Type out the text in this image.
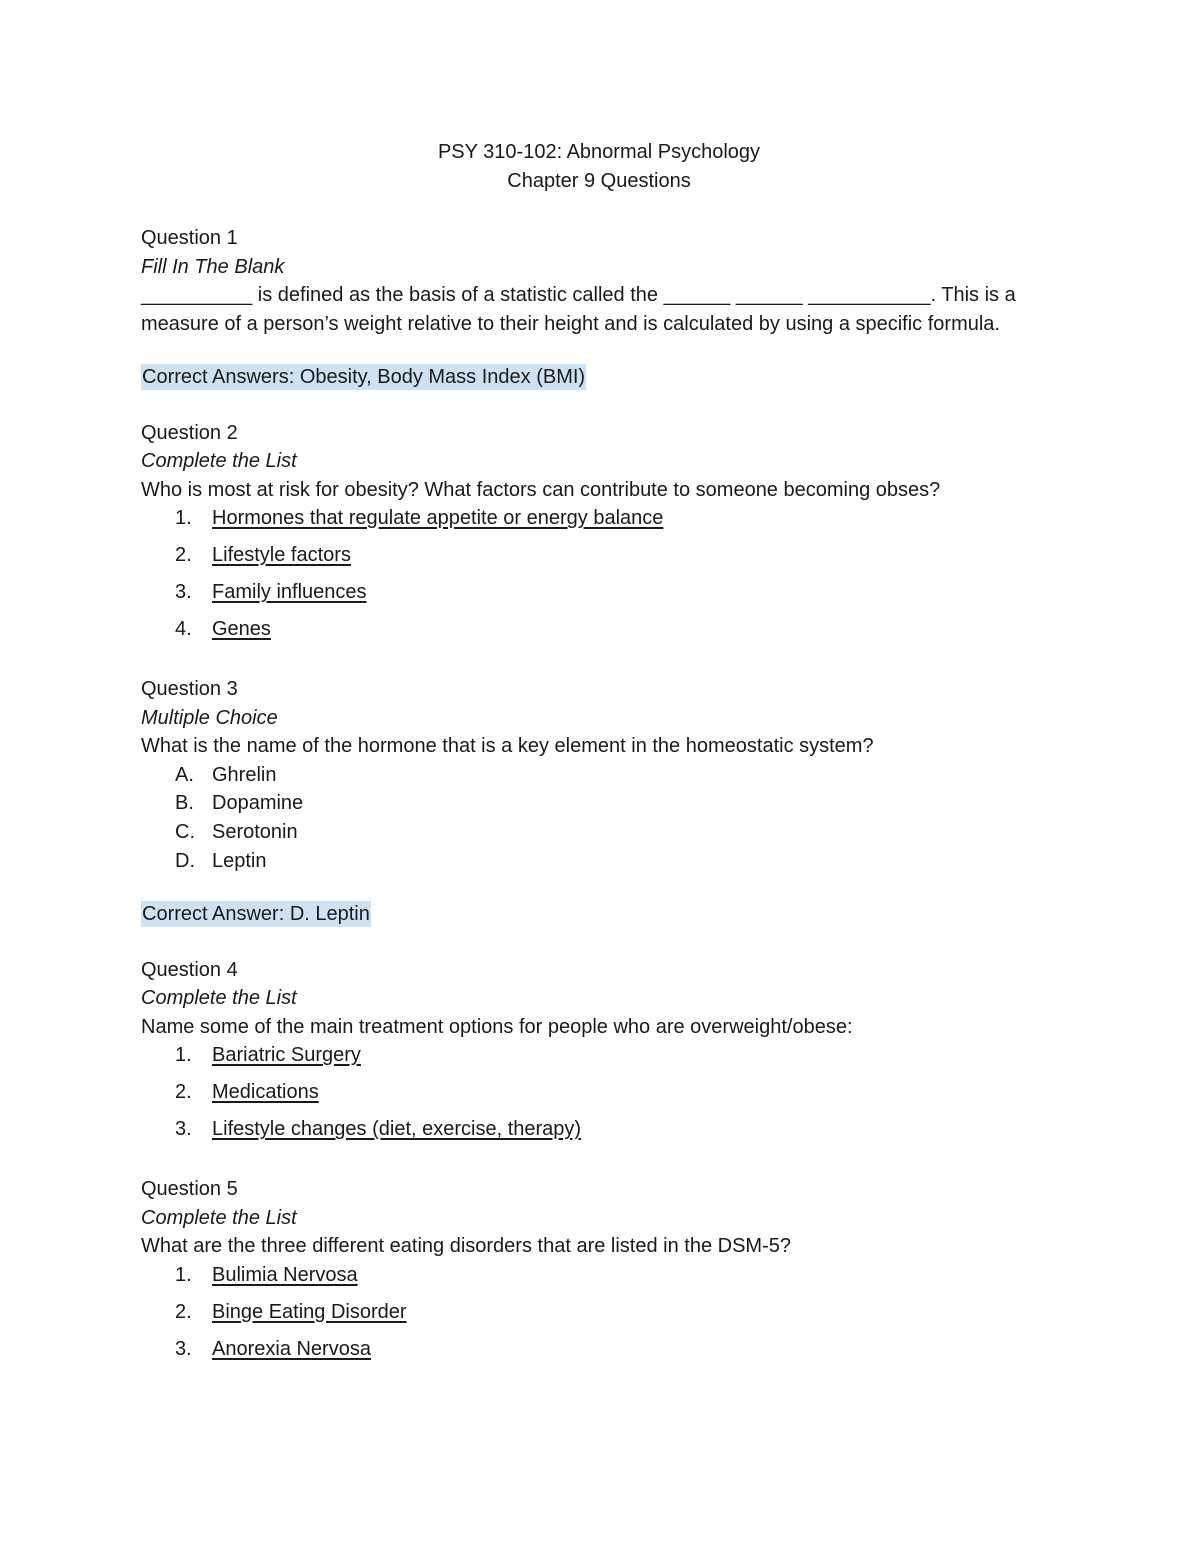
PSY 310-102: Abnormal Psychology
Chapter 9 Questions
Question 1
Fill In The Blank
__________ is defined as the basis of a statistic called the ______ ______ ___________. This is a measure of a person’s weight relative to their height and is calculated by using a specific formula.
Correct Answers: Obesity, Body Mass Index (BMI)
Question 2
Complete the List
Who is most at risk for obesity? What factors can contribute to someone becoming obses?
1. Hormones that regulate appetite or energy balance
2. Lifestyle factors
3. Family influences
4. Genes
Question 3
Multiple Choice
What is the name of the hormone that is a key element in the homeostatic system?
A. Ghrelin
B. Dopamine
C. Serotonin
D. Leptin
Correct Answer: D. Leptin
Question 4
Complete the List
Name some of the main treatment options for people who are overweight/obese:
1. Bariatric Surgery
2. Medications
3. Lifestyle changes (diet, exercise, therapy)
Question 5
Complete the List
What are the three different eating disorders that are listed in the DSM-5?
1. Bulimia Nervosa
2. Binge Eating Disorder
3. Anorexia Nervosa
